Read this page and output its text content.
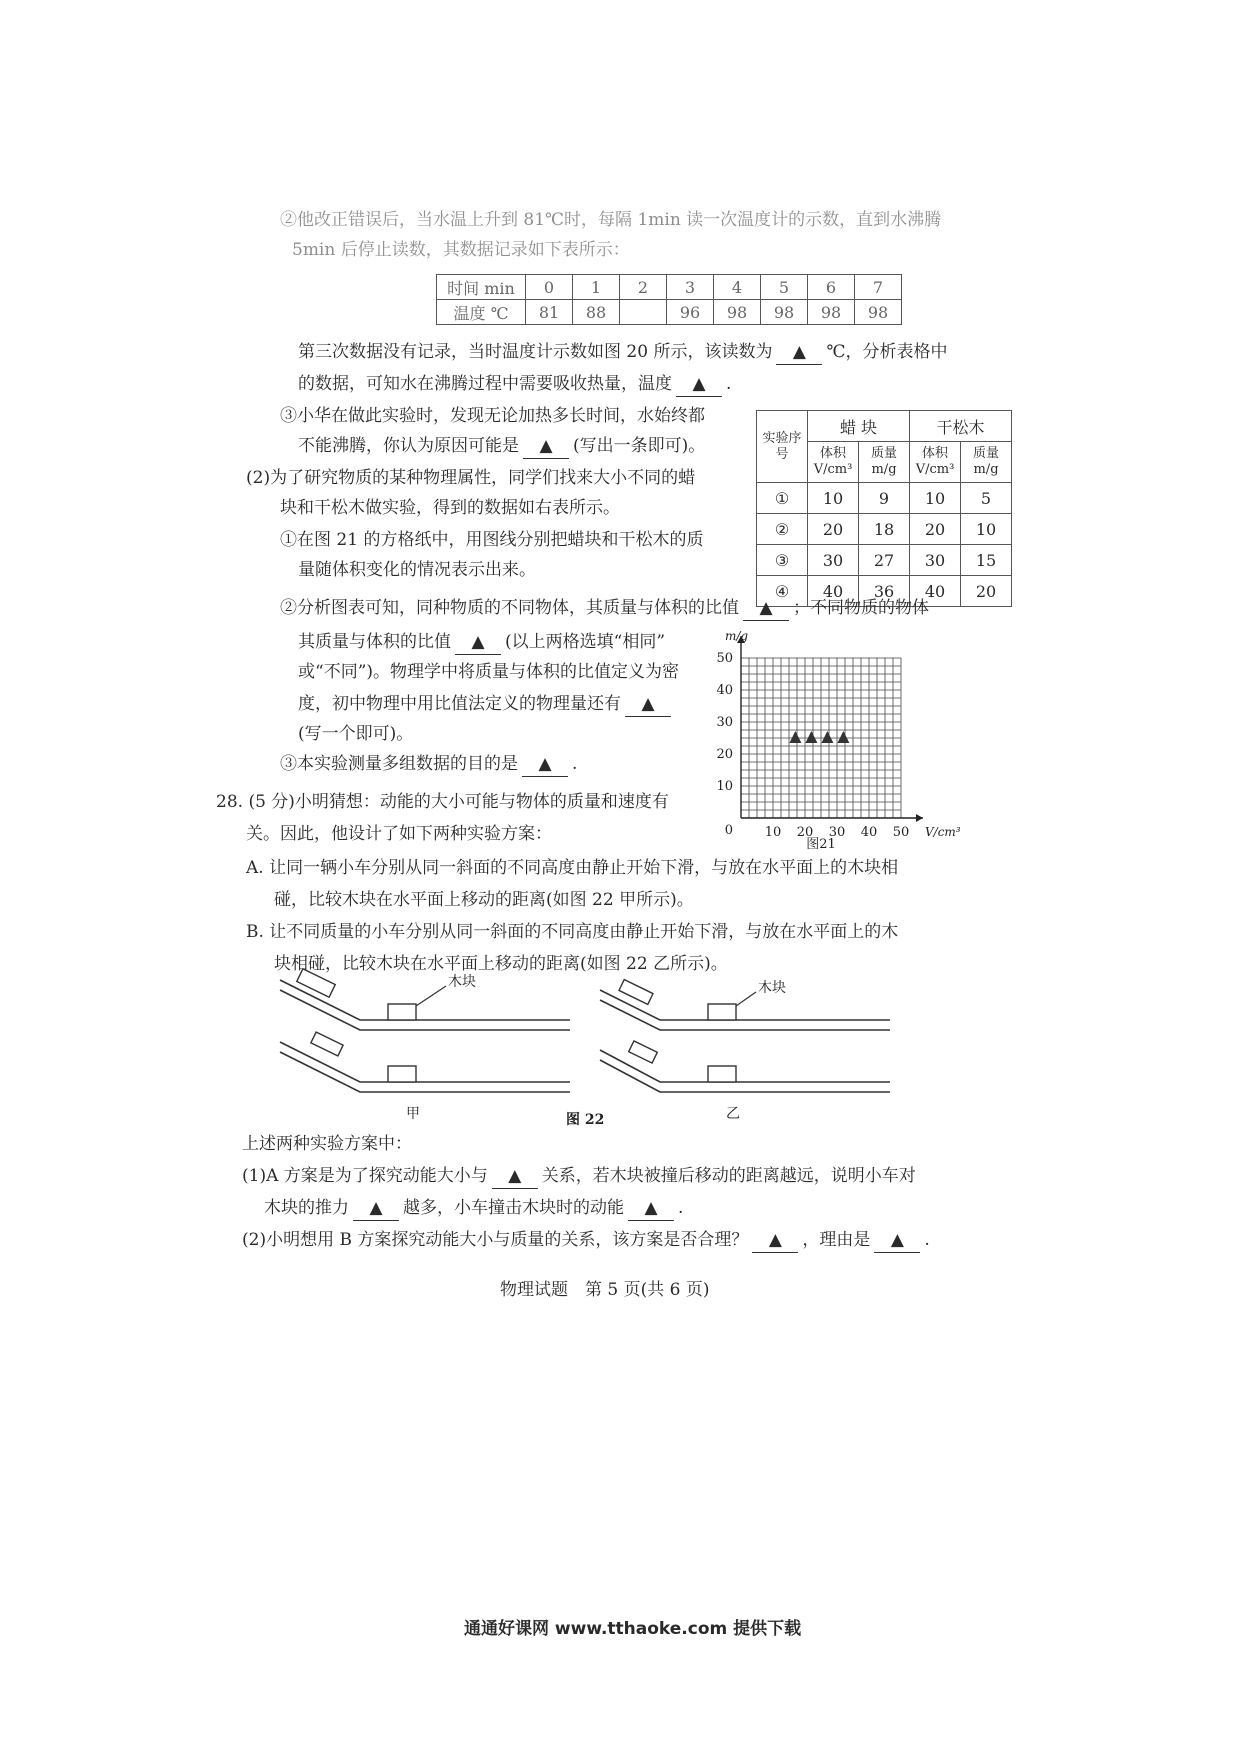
②他改正错误后，当水温上升到 81℃时，每隔 1min 读一次温度计的示数，直到水沸腾
5min 后停止读数，其数据记录如下表所示：
时间 min	0	1	2	3	4	5	6	7
温度 ℃	81	88		96	98	98	98	98
第三次数据没有记录，当时温度计示数如图 20 所示，该读数为 ▲ ℃，分析表格中
的数据，可知水在沸腾过程中需要吸收热量，温度 ▲ .
③小华在做此实验时，发现无论加热多长时间，水始终都
不能沸腾，你认为原因可能是 ▲ (写出一条即可)。
(2)为了研究物质的某种物理属性，同学们找来大小不同的蜡
块和干松木做实验，得到的数据如右表所示。
①在图 21 的方格纸中，用图线分别把蜡块和干松木的质
量随体积变化的情况表示出来。
实验序号	蜡 块		干松木	
	体积 V/cm³	质量 m/g	体积 V/cm³	质量 m/g
①	10	9	10	5
②	20	18	20	10
③	30	27	30	15
④	40	36	40	20
②分析图表可知，同种物质的不同物体，其质量与体积的比值 ▲ ；不同物质的物体
其质量与体积的比值 ▲ (以上两格选填“相同”
或“不同”)。物理学中将质量与体积的比值定义为密
度，初中物理中用比值法定义的物理量还有 ▲
(写一个即可)。
③本实验测量多组数据的目的是 ▲ .
10 20 30 40 50
10
20
30
40
50
0	V/cm³
m/g
图21
28. (5 分)小明猜想：动能的大小可能与物体的质量和速度有
关。因此，他设计了如下两种实验方案：
A. 让同一辆小车分别从同一斜面的不同高度由静止开始下滑，与放在水平面上的木块相
碰，比较木块在水平面上移动的距离(如图 22 甲所示)。
B. 让不同质量的小车分别从同一斜面的不同高度由静止开始下滑，与放在水平面上的木
块相碰，比较木块在水平面上移动的距离(如图 22 乙所示)。
木块	木块
甲	乙
图 22
上述两种实验方案中：
(1)A 方案是为了探究动能大小与 ▲ 关系，若木块被撞后移动的距离越远，说明小车对
木块的推力 ▲ 越多，小车撞击木块时的动能 ▲ .
(2)小明想用 B 方案探究动能大小与质量的关系，该方案是否合理？ ▲ ，理由是 ▲ .
物理试题　第 5 页(共 6 页)
通通好课网 www.tthaoke.com 提供下载
